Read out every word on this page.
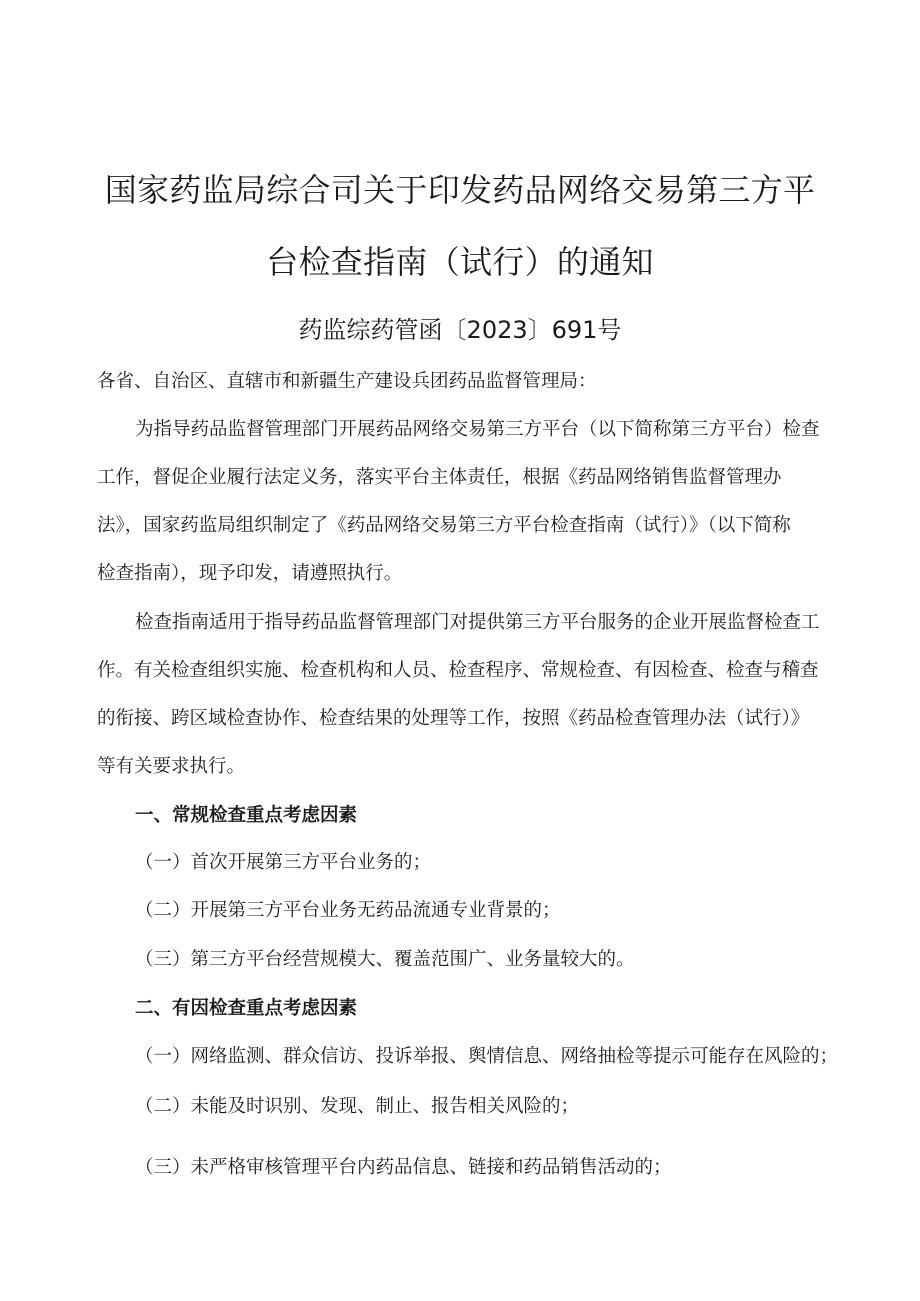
国家药监局综合司关于印发药品网络交易第三方平
台检查指南（试行）的通知
药监综药管函〔2023〕691号
各省、自治区、直辖市和新疆生产建设兵团药品监督管理局：
为指导药品监督管理部门开展药品网络交易第三方平台（以下简称第三方平台）检查
工作，督促企业履行法定义务，落实平台主体责任，根据《药品网络销售监督管理办
法》，国家药监局组织制定了《药品网络交易第三方平台检查指南（试行）》（以下简称
检查指南），现予印发，请遵照执行。
检查指南适用于指导药品监督管理部门对提供第三方平台服务的企业开展监督检查工
作。有关检查组织实施、检查机构和人员、检查程序、常规检查、有因检查、检查与稽查
的衔接、跨区域检查协作、检查结果的处理等工作，按照《药品检查管理办法（试行）》
等有关要求执行。
一、常规检查重点考虑因素
（一）首次开展第三方平台业务的；
（二）开展第三方平台业务无药品流通专业背景的；
（三）第三方平台经营规模大、覆盖范围广、业务量较大的。
二、有因检查重点考虑因素
（一）网络监测、群众信访、投诉举报、舆情信息、网络抽检等提示可能存在风险的；
（二）未能及时识别、发现、制止、报告相关风险的；
（三）未严格审核管理平台内药品信息、链接和药品销售活动的；
